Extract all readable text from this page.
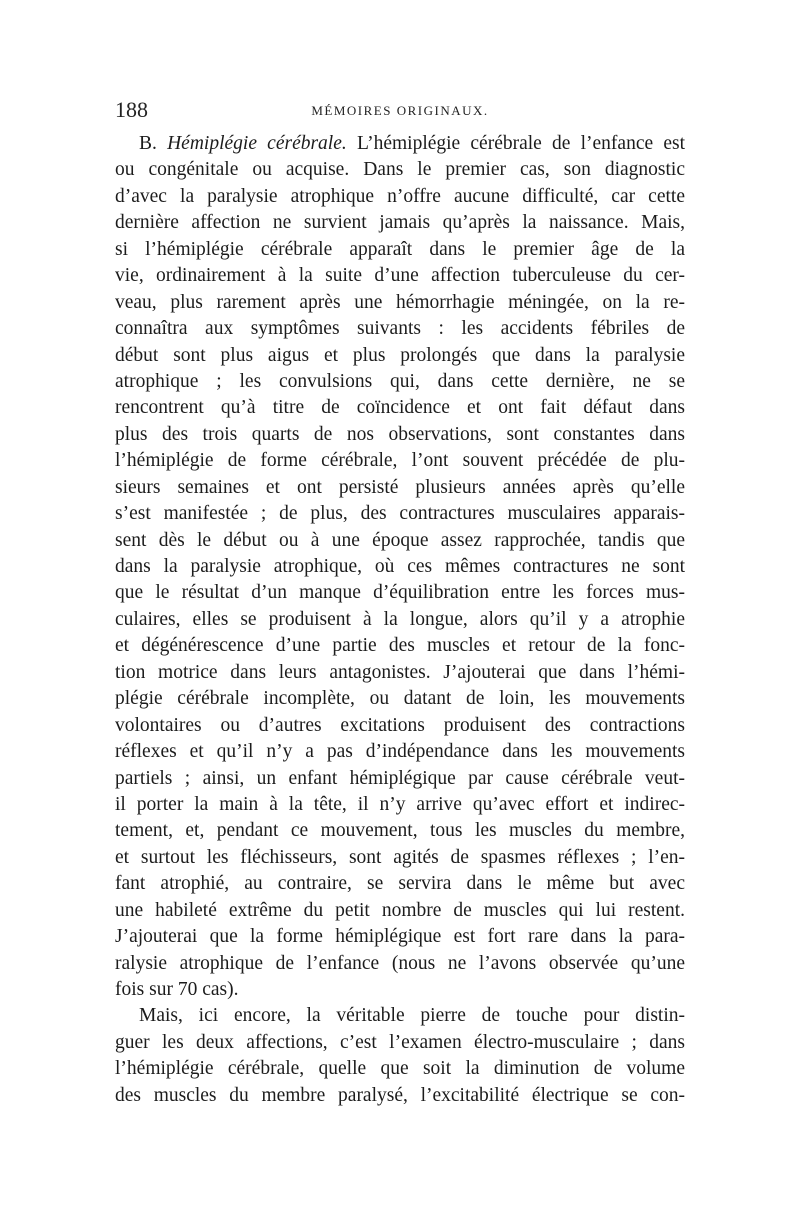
188	MÉMOIRES ORIGINAUX.
B. Hémiplégie cérébrale. L’hémiplégie cérébrale de l’enfance est
ou congénitale ou acquise. Dans le premier cas, son diagnostic
d’avec la paralysie atrophique n’offre aucune difficulté, car cette
dernière affection ne survient jamais qu’après la naissance. Mais,
si l’hémiplégie cérébrale apparaît dans le premier âge de la
vie, ordinairement à la suite d’une affection tuberculeuse du cer-
veau, plus rarement après une hémorrhagie méningée, on la re-
connaîtra aux symptômes suivants : les accidents fébriles de
début sont plus aigus et plus prolongés que dans la paralysie
atrophique ; les convulsions qui, dans cette dernière, ne se
rencontrent qu’à titre de coïncidence et ont fait défaut dans
plus des trois quarts de nos observations, sont constantes dans
l’hémiplégie de forme cérébrale, l’ont souvent précédée de plu-
sieurs semaines et ont persisté plusieurs années après qu’elle
s’est manifestée ; de plus, des contractures musculaires apparais-
sent dès le début ou à une époque assez rapprochée, tandis que
dans la paralysie atrophique, où ces mêmes contractures ne sont
que le résultat d’un manque d’équilibration entre les forces mus-
culaires, elles se produisent à la longue, alors qu’il y a atrophie
et dégénérescence d’une partie des muscles et retour de la fonc-
tion motrice dans leurs antagonistes. J’ajouterai que dans l’hémi-
plégie cérébrale incomplète, ou datant de loin, les mouvements
volontaires ou d’autres excitations produisent des contractions
réflexes et qu’il n’y a pas d’indépendance dans les mouvements
partiels ; ainsi, un enfant hémiplégique par cause cérébrale veut-
il porter la main à la tête, il n’y arrive qu’avec effort et indirec-
tement, et, pendant ce mouvement, tous les muscles du membre,
et surtout les fléchisseurs, sont agités de spasmes réflexes ; l’en-
fant atrophié, au contraire, se servira dans le même but avec
une habileté extrême du petit nombre de muscles qui lui restent.
J’ajouterai que la forme hémiplégique est fort rare dans la para-
ralysie atrophique de l’enfance (nous ne l’avons observée qu’une
fois sur 70 cas).
Mais, ici encore, la véritable pierre de touche pour distin-
guer les deux affections, c’est l’examen électro-musculaire ; dans
l’hémiplégie cérébrale, quelle que soit la diminution de volume
des muscles du membre paralysé, l’excitabilité électrique se con-
